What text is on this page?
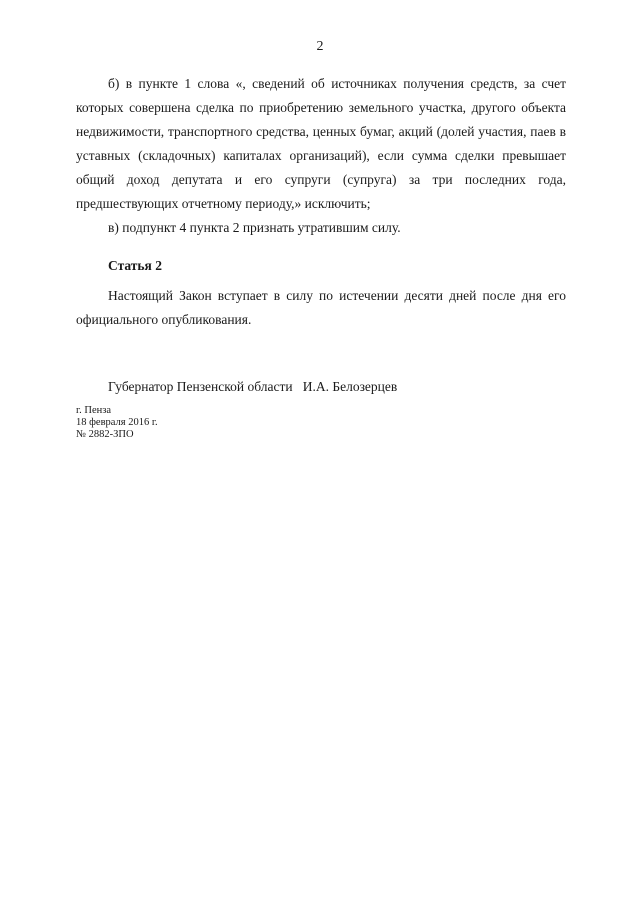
2

б) в пункте 1 слова «, сведений об источниках получения средств, за счет которых совершена сделка по приобретению земельного участка, другого объекта недвижимости, транспортного средства, ценных бумаг, акций (долей участия, паев в уставных (складочных) капиталах организаций), если сумма сделки превышает общий доход депутата и его супруги (супруга) за три последних года, предшествующих отчетному периоду,» исключить;

в) подпункт 4 пункта 2 признать утратившим силу.

Статья 2

Настоящий Закон вступает в силу по истечении десяти дней после дня его официального опубликования.

Губернатор Пензенской области И.А. Белозерцев
г. Пенза
18 февраля 2016 г.
№ 2882-ЗПО
